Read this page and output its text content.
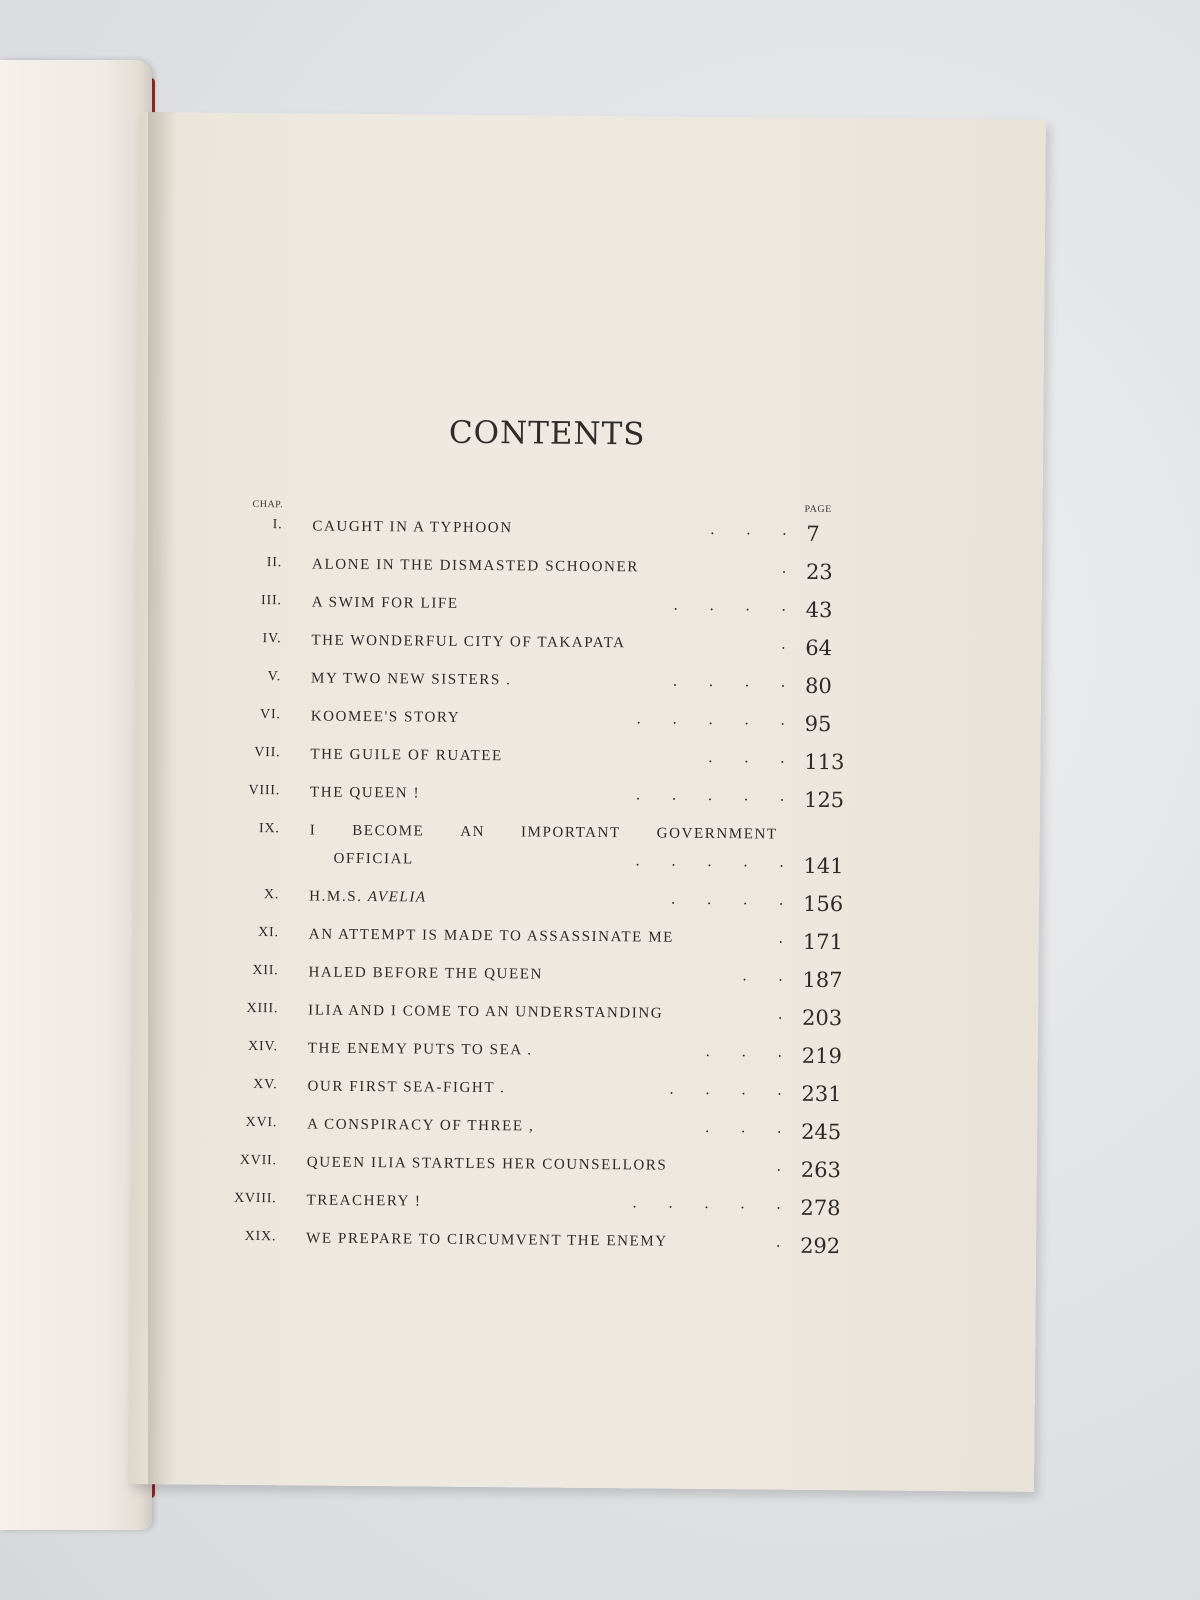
CONTENTS
CHAP.	PAGE
I. CAUGHT IN A TYPHOON	.        .        . 7
II. ALONE IN THE DISMASTED SCHOONER	. 23
III. A SWIM FOR LIFE	.        .        .        . 43
IV. THE WONDERFUL CITY OF TAKAPATA	. 64
V. MY TWO NEW SISTERS .	.        .        .        . 80
VI. KOOMEE'S STORY	.        .        .        .        . 95
VII. THE GUILE OF RUATEE	.        .        . 113
VIII. THE QUEEN !	.        .        .        .        . 125
IX. I BECOME AN IMPORTANT GOVERNMENT
OFFICIAL	.        .        .        .        . 141
X. H.M.S. AVELIA	.        .        .        . 156
XI. AN ATTEMPT IS MADE TO ASSASSINATE ME	. 171
XII. HALED BEFORE THE QUEEN	.        . 187
XIII. ILIA AND I COME TO AN UNDERSTANDING	. 203
XIV. THE ENEMY PUTS TO SEA .	.        .        . 219
XV. OUR FIRST SEA-FIGHT .	.        .        .        . 231
XVI. A CONSPIRACY OF THREE ,	.        .        . 245
XVII. QUEEN ILIA STARTLES HER COUNSELLORS	. 263
XVIII. TREACHERY !	.        .        .        .        . 278
XIX. WE PREPARE TO CIRCUMVENT THE ENEMY	. 292
